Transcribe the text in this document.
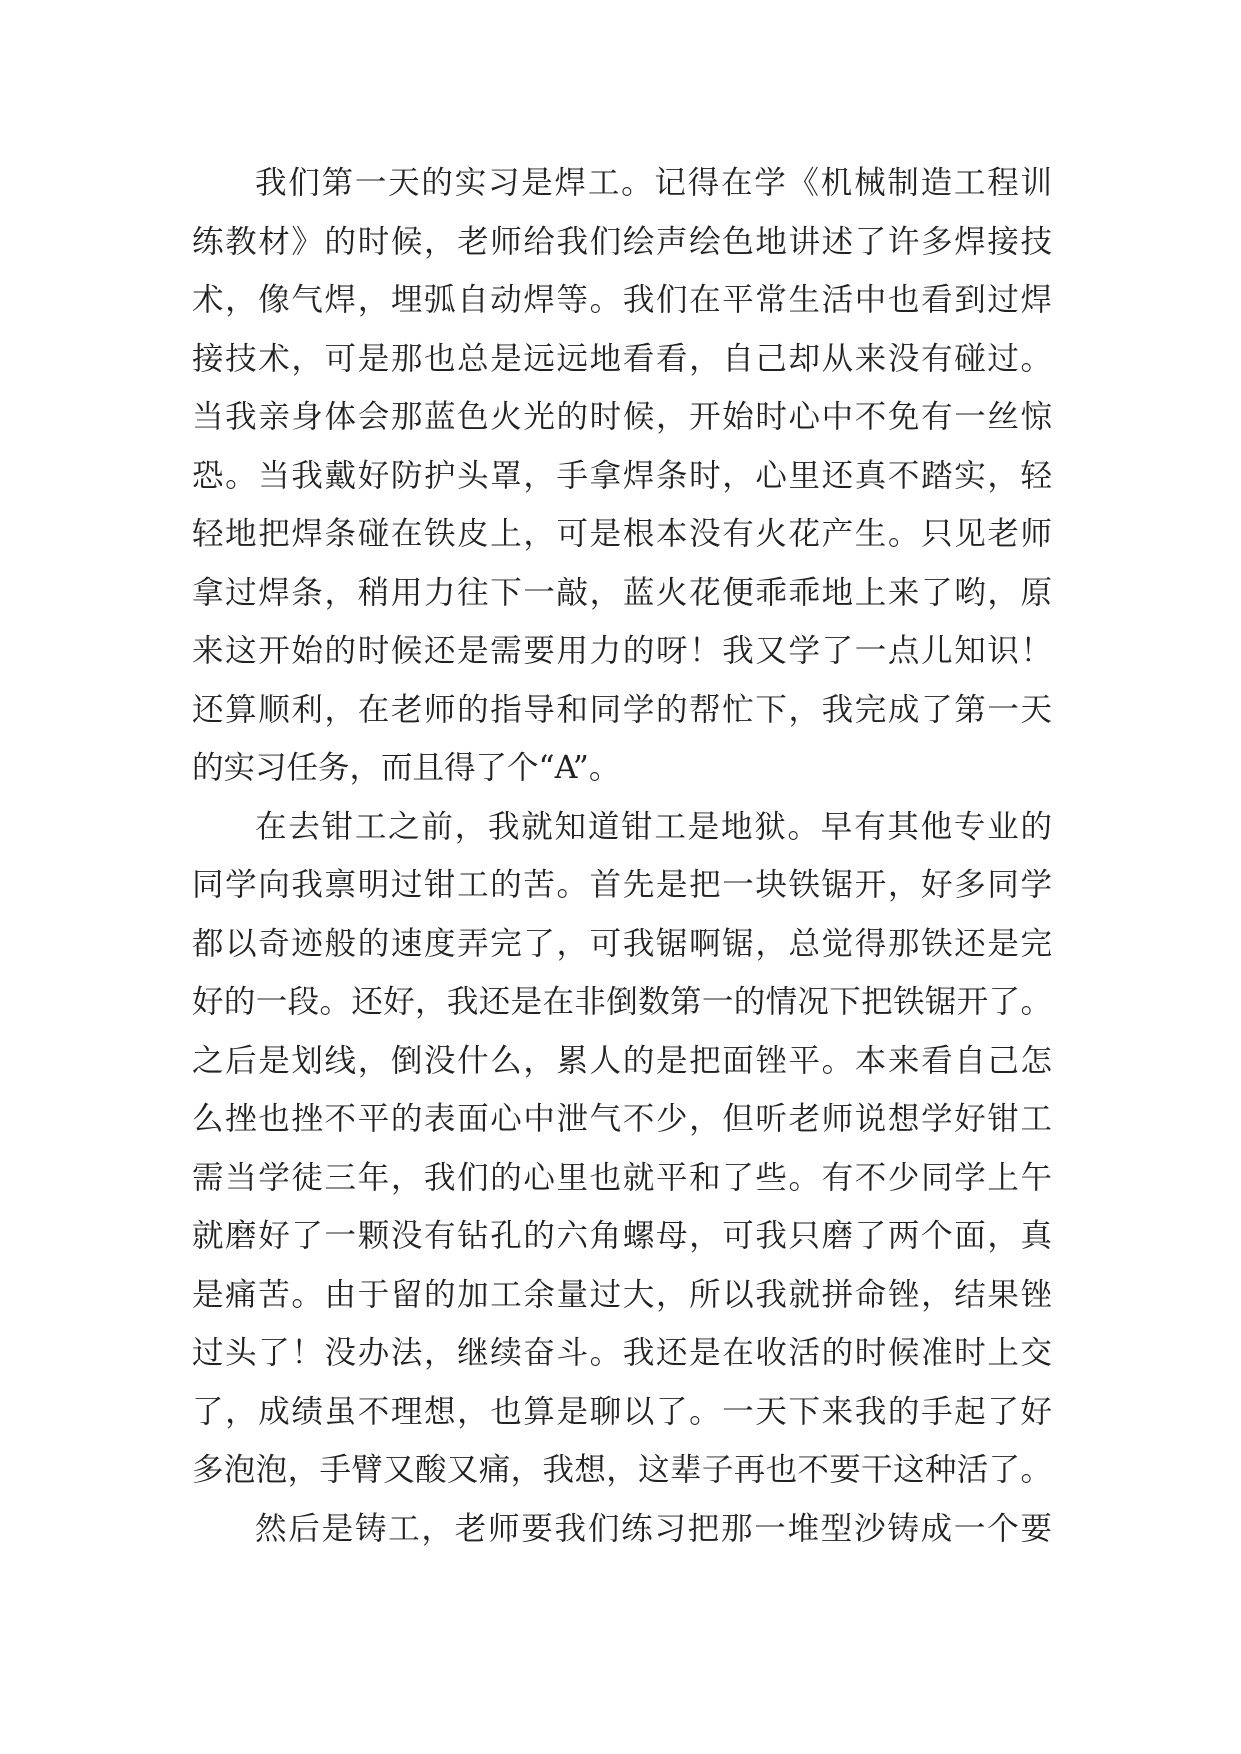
我们第一天的实习是焊工。记得在学《机械制造工程训
练教材》的时候，老师给我们绘声绘色地讲述了许多焊接技
术，像气焊，埋弧自动焊等。我们在平常生活中也看到过焊
接技术，可是那也总是远远地看看，自己却从来没有碰过。
当我亲身体会那蓝色火光的时候，开始时心中不免有一丝惊
恐。当我戴好防护头罩，手拿焊条时，心里还真不踏实，轻
轻地把焊条碰在铁皮上，可是根本没有火花产生。只见老师
拿过焊条，稍用力往下一敲，蓝火花便乖乖地上来了哟，原
来这开始的时候还是需要用力的呀！我又学了一点儿知识！
还算顺利，在老师的指导和同学的帮忙下，我完成了第一天
的实习任务，而且得了个“A”。
在去钳工之前，我就知道钳工是地狱。早有其他专业的
同学向我禀明过钳工的苦。首先是把一块铁锯开，好多同学
都以奇迹般的速度弄完了，可我锯啊锯，总觉得那铁还是完
好的一段。还好，我还是在非倒数第一的情况下把铁锯开了。
之后是划线，倒没什么，累人的是把面锉平。本来看自己怎
么挫也挫不平的表面心中泄气不少，但听老师说想学好钳工
需当学徒三年，我们的心里也就平和了些。有不少同学上午
就磨好了一颗没有钻孔的六角螺母，可我只磨了两个面，真
是痛苦。由于留的加工余量过大，所以我就拼命锉，结果锉
过头了！没办法，继续奋斗。我还是在收活的时候准时上交
了，成绩虽不理想，也算是聊以了。一天下来我的手起了好
多泡泡，手臂又酸又痛，我想，这辈子再也不要干这种活了。
然后是铸工，老师要我们练习把那一堆型沙铸成一个要
